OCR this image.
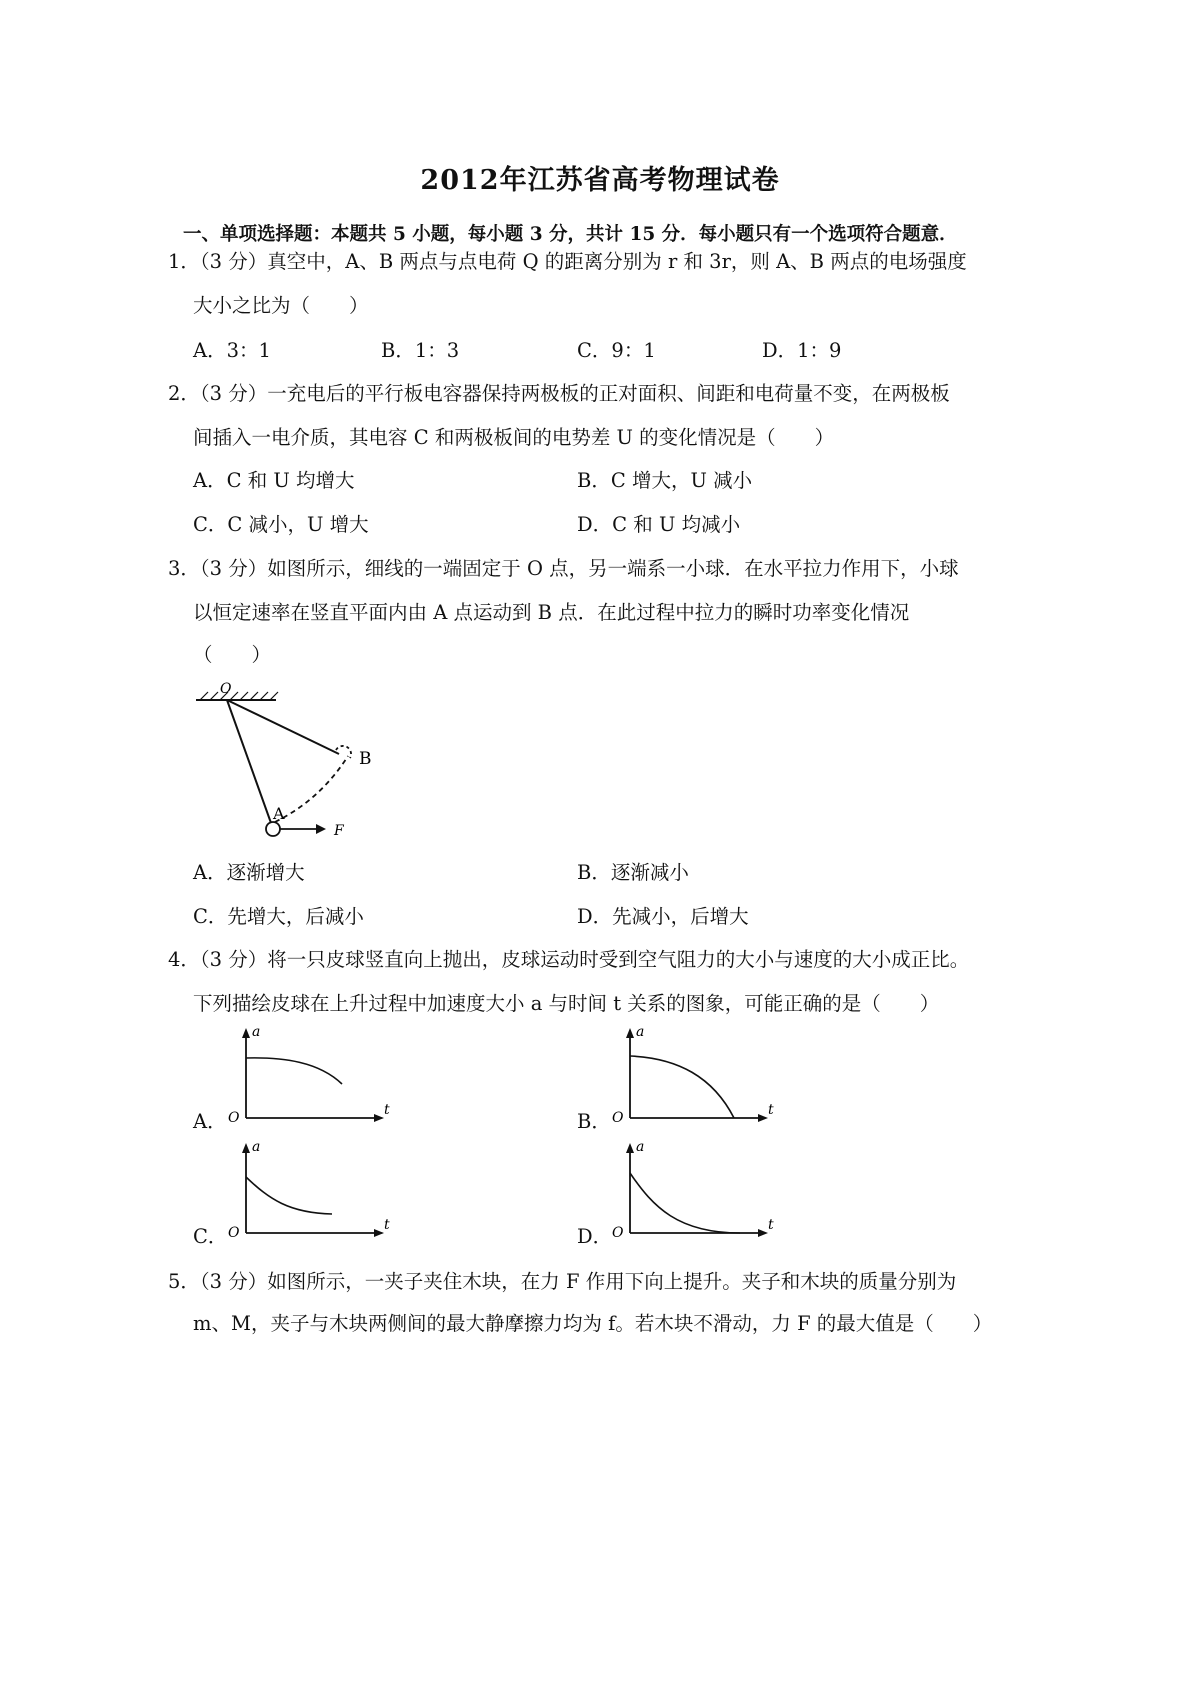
2012年江苏省高考物理试卷
一、单项选择题：本题共 5 小题，每小题 3 分，共计 15 分．每小题只有一个选项符合题意．
1．（3 分）真空中，A、B 两点与点电荷 Q 的距离分别为 r 和 3r，则 A、B 两点的电场强度
大小之比为（　　）
A．3：1	B．1：3	C．9：1	D．1：9
2．（3 分）一充电后的平行板电容器保持两极板的正对面积、间距和电荷量不变，在两极板
间插入一电介质，其电容 C 和两极板间的电势差 U 的变化情况是（　　）
A．C 和 U 均增大	B．C 增大，U 减小
C．C 减小，U 增大	D．C 和 U 均减小
3．（3 分）如图所示，细线的一端固定于 O 点，另一端系一小球．在水平拉力作用下，小球
以恒定速率在竖直平面内由 A 点运动到 B 点．在此过程中拉力的瞬时功率变化情况
（　　）
O
B
A
F
A．逐渐增大	B．逐渐减小
C．先增大，后减小	D．先减小，后增大
4．（3 分）将一只皮球竖直向上抛出，皮球运动时受到空气阻力的大小与速度的大小成正比。
下列描绘皮球在上升过程中加速度大小 a 与时间 t 关系的图象，可能正确的是（　　）
A．
a
t
O	B．
a
t
O
C．
a
t
O	D．
a
t
O
5．（3 分）如图所示，一夹子夹住木块，在力 F 作用下向上提升。夹子和木块的质量分别为
m、M，夹子与木块两侧间的最大静摩擦力均为 f。若木块不滑动，力 F 的最大值是（　　）
